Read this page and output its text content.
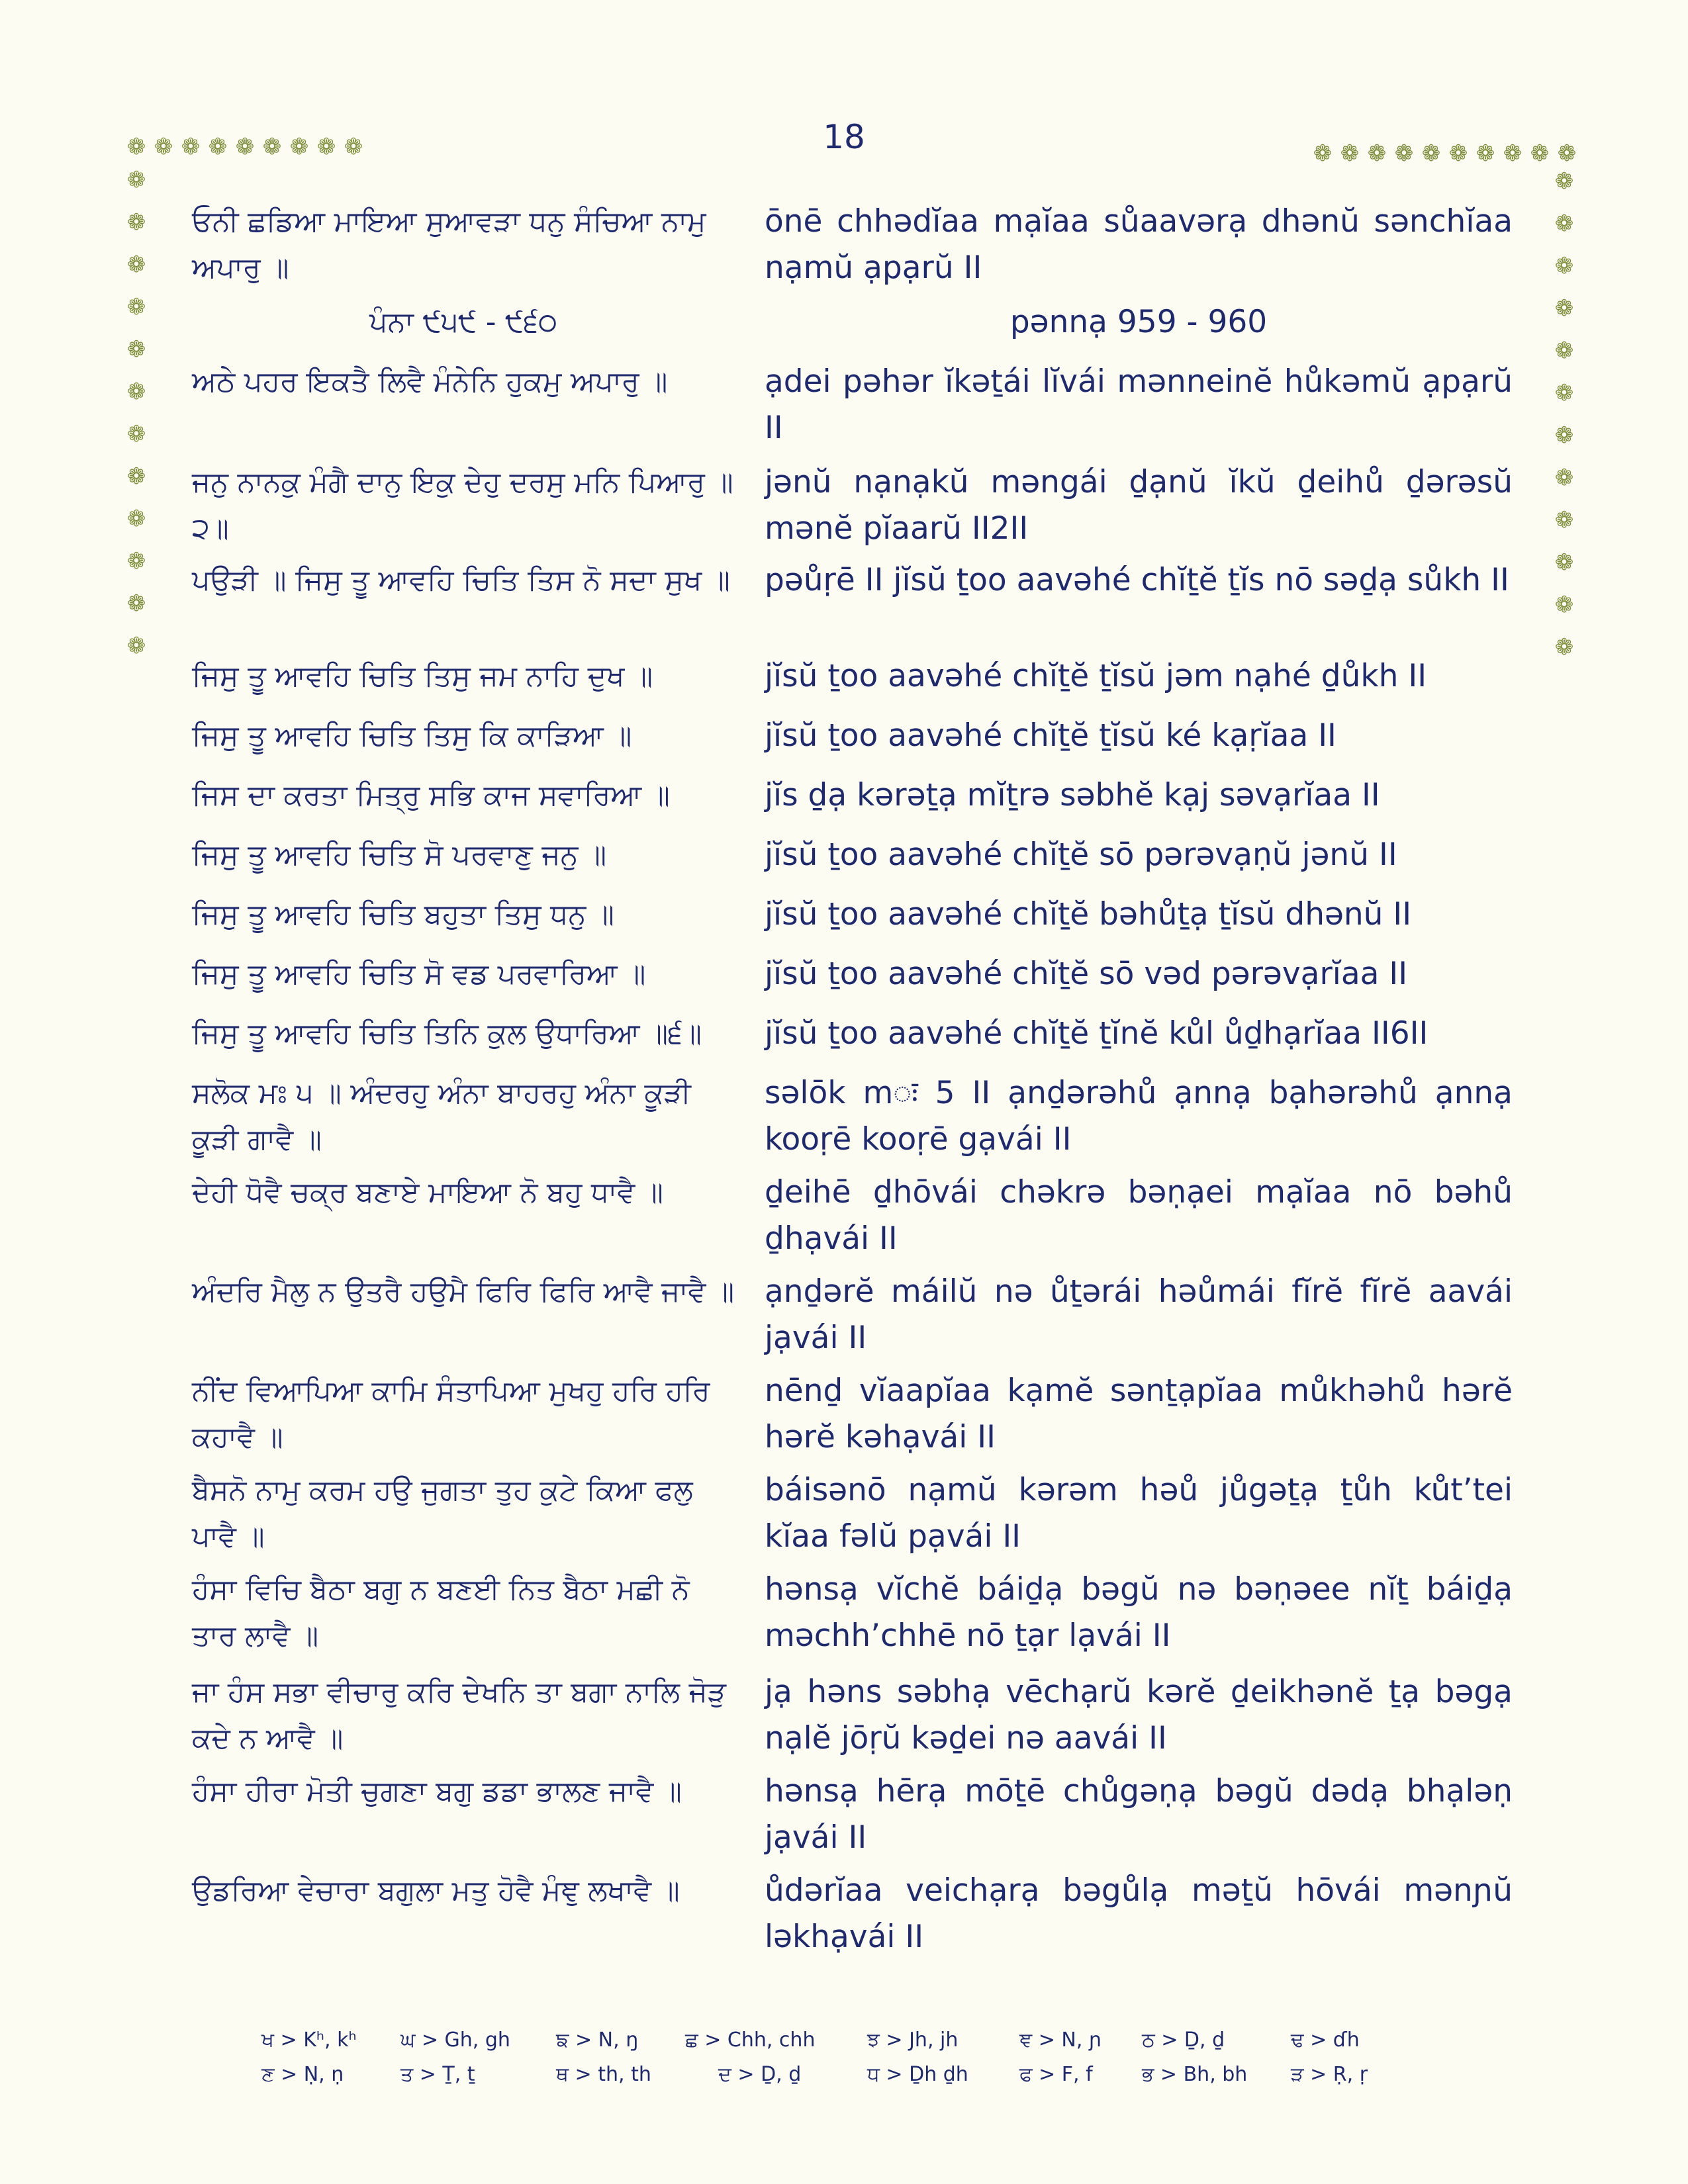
18
❁ ❁ ❁ ❁ ❁ ❁ ❁ ❁ ❁	❁ ❁ ❁ ❁ ❁ ❁ ❁ ❁ ❁ ❁
❁
❁
❁
❁
❁
❁
❁
❁
❁
❁
❁
❁
❁
❁
❁
❁
❁
❁
❁
❁
❁
❁
❁
❁
ਓਨੀ ਛਡਿਆ ਮਾਇਆ ਸੁਆਵੜਾ ਧਨੁ ਸੰਚਿਆ ਨਾਮੁ ਅਪਾਰੁ ॥
ōnē chhədĭaa mạĭaa sůaavərạ dhənŭ sənchĭaa nạmŭ ạpạrŭ II
ਪੰਨਾ ੯੫੯ - ੯੬੦	pənnạ 959 - 960
ਅਠੇ ਪਹਰ ਇਕਤੈ ਲਿਵੈ ਮੰਨੇਨਿ ਹੁਕਮੁ ਅਪਾਰੁ ॥	ạdei pəhər ĭkəṯái lĭvái mənneinĕ hůkəmŭ ạpạrŭ II
ਜਨੁ ਨਾਨਕੁ ਮੰਗੈ ਦਾਨੁ ਇਕੁ ਦੇਹੁ ਦਰਸੁ ਮਨਿ ਪਿਆਰੁ ॥੨॥
jənŭ nạnạkŭ məngái ḏạnŭ ĭkŭ ḏeihů ḏərəsŭ mənĕ pĭaarŭ II2II
ਪਉੜੀ ॥ ਜਿਸੁ ਤੂ ਆਵਹਿ ਚਿਤਿ ਤਿਸ ਨੋ ਸਦਾ ਸੁਖ ॥ pəůṛē II jĭsŭ ṯoo aavəhé chĭṯĕ ṯĭs nō səḏạ sůkh II
ਜਿਸੁ ਤੂ ਆਵਹਿ ਚਿਤਿ ਤਿਸੁ ਜਮ ਨਾਹਿ ਦੁਖ ॥	jĭsŭ ṯoo aavəhé chĭṯĕ ṯĭsŭ jəm nạhé ḏůkh II
ਜਿਸੁ ਤੂ ਆਵਹਿ ਚਿਤਿ ਤਿਸੁ ਕਿ ਕਾੜਿਆ ॥	jĭsŭ ṯoo aavəhé chĭṯĕ ṯĭsŭ ké kạṛĭaa II
ਜਿਸ ਦਾ ਕਰਤਾ ਮਿਤ੍ਰੁ ਸਭਿ ਕਾਜ ਸਵਾਰਿਆ ॥	jĭs ḏạ kərəṯạ mĭṯrə səbhĕ kạj səvạrĭaa II
ਜਿਸੁ ਤੂ ਆਵਹਿ ਚਿਤਿ ਸੋ ਪਰਵਾਣੁ ਜਨੁ ॥	jĭsŭ ṯoo aavəhé chĭṯĕ sō pərəvạṇŭ jənŭ II
ਜਿਸੁ ਤੂ ਆਵਹਿ ਚਿਤਿ ਬਹੁਤਾ ਤਿਸੁ ਧਨੁ ॥	jĭsŭ ṯoo aavəhé chĭṯĕ bəhůṯạ ṯĭsŭ dhənŭ II
ਜਿਸੁ ਤੂ ਆਵਹਿ ਚਿਤਿ ਸੋ ਵਡ ਪਰਵਾਰਿਆ ॥	jĭsŭ ṯoo aavəhé chĭṯĕ sō vəd pərəvạrĭaa II
ਜਿਸੁ ਤੂ ਆਵਹਿ ਚਿਤਿ ਤਿਨਿ ਕੁਲ ਉਧਾਰਿਆ ॥੬॥	jĭsŭ ṯoo aavəhé chĭṯĕ ṯĭnĕ kůl ůḏhạrĭaa II6II
ਸਲੋਕ ਮਃ ੫ ॥ ਅੰਦਰਹੁ ਅੰਨਾ ਬਾਹਰਹੁ ਅੰਨਾ ਕੂੜੀ ਕੂੜੀ ਗਾਵੈ ॥
səlōk mः 5 II ạnḏərəhů ạnnạ bạhərəhů ạnnạ kooṛē kooṛē gạvái II
ਦੇਹੀ ਧੋਵੈ ਚਕ੍ਰ ਬਣਾਏ ਮਾਇਆ ਨੋ ਬਹੁ ਧਾਵੈ ॥	ḏeihē ḏhōvái chəkrə bəṇạei mạĭaa nō bəhů ḏhạvái II
ਅੰਦਰਿ ਮੈਲੁ ਨ ਉਤਰੈ ਹਉਮੈ ਫਿਰਿ ਫਿਰਿ ਆਵੈ ਜਾਵੈ ॥ ạnḏərĕ máilŭ nə ůṯərái həůmái fĭrĕ fĭrĕ aavái jạvái II
ਨੀਂਦ ਵਿਆਪਿਆ ਕਾਮਿ ਸੰਤਾਪਿਆ ਮੁਖਹੁ ਹਰਿ ਹਰਿ ਕਹਾਵੈ ॥
nēnḏ vĭaapĭaa kạmĕ sənṯạpĭaa můkhəhů hərĕ hərĕ kəhạvái II
ਬੈਸਨੋ ਨਾਮੁ ਕਰਮ ਹਉ ਜੁਗਤਾ ਤੁਹ ਕੁਟੇ ਕਿਆ ਫਲੁ ਪਾਵੈ ॥
báisənō nạmŭ kərəm həů jůgəṯạ ṯůh kůt’tei kĭaa fəlŭ pạvái II
ਹੰਸਾ ਵਿਚਿ ਬੈਠਾ ਬਗੁ ਨ ਬਣਈ ਨਿਤ ਬੈਠਾ ਮਛੀ ਨੋ ਤਾਰ ਲਾਵੈ ॥
hənsạ vĭchĕ báiḏạ bəgŭ nə bəṇəee nĭṯ báiḏạ məchh’chhē nō ṯạr lạvái II
ਜਾ ਹੰਸ ਸਭਾ ਵੀਚਾਰੁ ਕਰਿ ਦੇਖਨਿ ਤਾ ਬਗਾ ਨਾਲਿ ਜੋੜੁ ਕਦੇ ਨ ਆਵੈ ॥
jạ həns səbhạ vēchạrŭ kərĕ ḏeikhənĕ ṯạ bəgạ nạlĕ jōṛŭ kəḏei nə aavái II
ਹੰਸਾ ਹੀਰਾ ਮੋਤੀ ਚੁਗਣਾ ਬਗੁ ਡਡਾ ਭਾਲਣ ਜਾਵੈ ॥	hənsạ hērạ mōṯē chůgəṇạ bəgŭ dədạ bhạləṇ jạvái II
ਉਡਰਿਆ ਵੇਚਾਰਾ ਬਗੁਲਾ ਮਤੁ ਹੋਵੈ ਮੰਞੁ ਲਖਾਵੈ ॥	ůdərĭaa veichạrạ bəgůlạ məṯŭ hōvái mənɲŭ ləkhạvái II
ਖ > Kʰ, kʰ ਘ > Gh, gh ਙ > N, ŋ ਛ > Chh, chh	ਝ > Jh, jh	ਞ > N, ɲ ਠ > Ḏ, ḏ	ਢ > ɗh
ਣ > Ṇ, ṇ	ਤ > Ṯ, ṯ	ਥ > th, th	ਦ > Ḏ, ḏ	ਧ > Ḏh ḏh	ਫ > F, f ਭ > Bh, bh ੜ > Ṛ, ṛ
